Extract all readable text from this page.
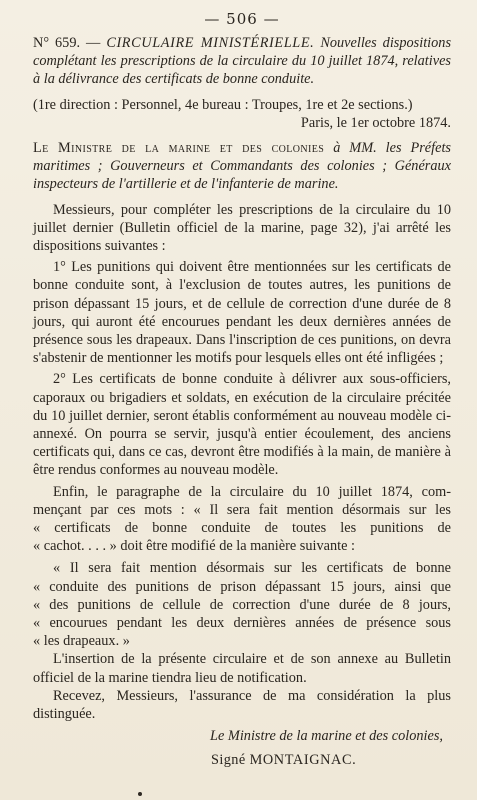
— 506 —

N° 659. — CIRCULAIRE MINISTÉRIELLE. Nouvelles dispositions complétant les prescriptions de la circulaire du 10 juillet 1874, relatives à la délivrance des certificats de bonne conduite.

(1re direction : Personnel, 4e bureau : Troupes, 1re et 2e sections.)

Paris, le 1er octobre 1874.

Le Ministre de la marine et des colonies à MM. les Préfets maritimes ; Gouverneurs et Commandants des colonies ; Généraux inspecteurs de l'artillerie et de l'infanterie de marine.

Messieurs, pour compléter les prescriptions de la circulaire du 10 juillet dernier (Bulletin officiel de la marine, page 32), j'ai arrêté les dispositions suivantes :

1° Les punitions qui doivent être mentionnées sur les certificats de bonne conduite sont, à l'exclusion de toutes autres, les punitions de prison dépassant 15 jours, et de cellule de correction d'une durée de 8 jours, qui auront été encourues pendant les deux dernières années de présence sous les drapeaux. Dans l'inscription de ces punitions, on devra s'abstenir de mentionner les motifs pour lesquels elles ont été infligées ;

2° Les certificats de bonne conduite à délivrer aux sous-officiers, caporaux ou brigadiers et soldats, en exécution de la circulaire précitée du 10 juillet dernier, seront établis conformément au nouveau modèle ci-annexé. On pourra se servir, jusqu'à entier écoulement, des anciens certificats qui, dans ce cas, devront être modifiés à la main, de manière à être rendus conformes au nouveau modèle.

Enfin, le paragraphe de la circulaire du 10 juillet 1874, com-
mençant par ces mots : « Il sera fait mention désormais sur les
« certificats de bonne conduite de toutes les punitions de
« cachot. . . . » doit être modifié de la manière suivante :
« Il sera fait mention désormais sur les certificats de bonne
« conduite des punitions de prison dépassant 15 jours, ainsi que
« des punitions de cellule de correction d'une durée de 8 jours,
« encourues pendant les deux dernières années de présence sous
« les drapeaux. »

L'insertion de la présente circulaire et de son annexe au Bulletin officiel de la marine tiendra lieu de notification.

Recevez, Messieurs, l'assurance de ma considération la plus distinguée.

Le Ministre de la marine et des colonies,

Signé MONTAIGNAC.
